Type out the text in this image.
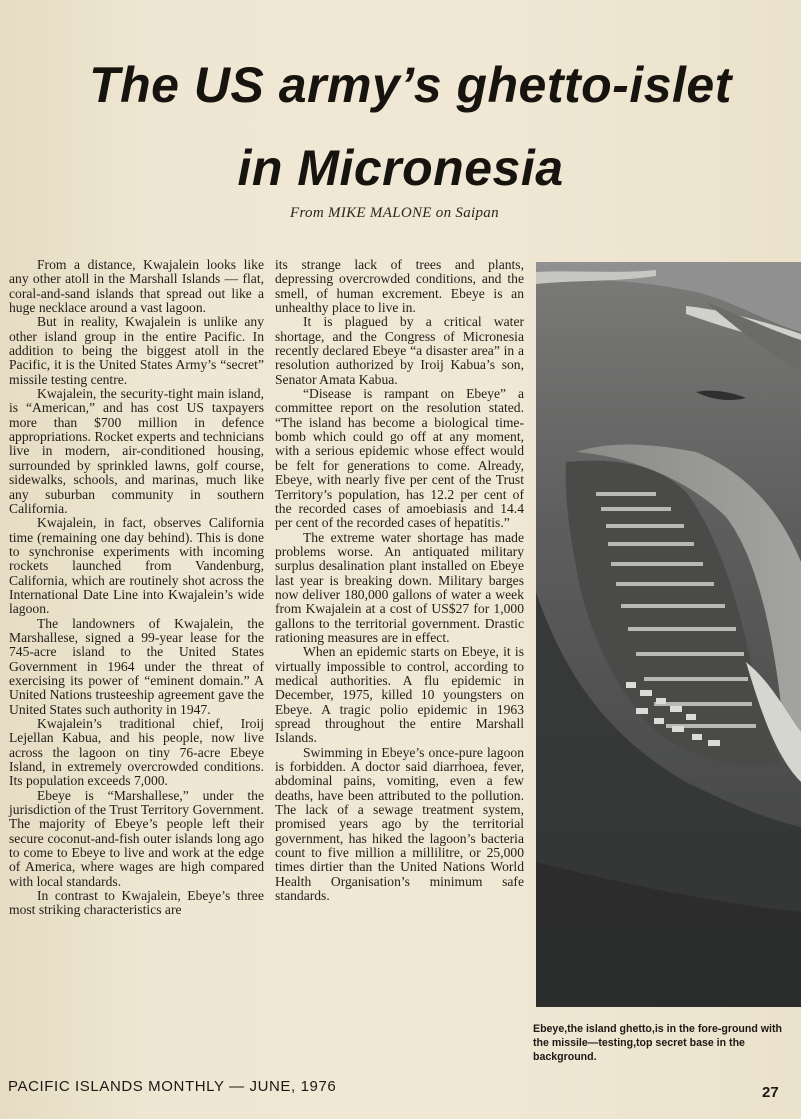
The US army’s ghetto-islet
in Micronesia
From MIKE MALONE on Saipan

From a distance, Kwajalein looks like any other atoll in the Marshall Islands — flat, coral-and-sand islands that spread out like a huge necklace around a vast lagoon.

But in reality, Kwajalein is unlike any other island group in the entire Pacific. In addition to being the biggest atoll in the Pacific, it is the United States Army’s “secret” missile testing centre.

Kwajalein, the security-tight main island, is “American,” and has cost US taxpayers more than $700 million in defence appropriations. Rocket experts and technicians live in modern, air-conditioned housing, surrounded by sprinkled lawns, golf course, sidewalks, schools, and marinas, much like any suburban community in southern California.

Kwajalein, in fact, observes California time (remaining one day behind). This is done to synchronise experiments with incoming rockets launched from Vandenburg, California, which are routinely shot across the International Date Line into Kwajalein’s wide lagoon.

The landowners of Kwajalein, the Marshallese, signed a 99-year lease for the 745-acre island to the United States Government in 1964 under the threat of exercising its power of “eminent domain.” A United Nations trusteeship agreement gave the United States such authority in 1947.

Kwajalein’s traditional chief, Iroij Lejellan Kabua, and his people, now live across the lagoon on tiny 76-acre Ebeye Island, in extremely overcrowded conditions. Its population exceeds 7,000.

Ebeye is “Marshallese,” under the jurisdiction of the Trust Territory Government. The majority of Ebeye’s people left their secure coconut-and-fish outer islands long ago to come to Ebeye to live and work at the edge of America, where wages are high compared with local standards.

In contrast to Kwajalein, Ebeye’s three most striking characteristics are

its strange lack of trees and plants, depressing overcrowded conditions, and the smell, of human excrement. Ebeye is an unhealthy place to live in.

It is plagued by a critical water shortage, and the Congress of Micronesia recently declared Ebeye “a disaster area” in a resolution authorized by Iroij Kabua’s son, Senator Amata Kabua.

“Disease is rampant on Ebeye” a committee report on the resolution stated. “The island has become a biological time-bomb which could go off at any moment, with a serious epidemic whose effect would be felt for generations to come. Already, Ebeye, with nearly five per cent of the Trust Territory’s population, has 12.2 per cent of the recorded cases of amoebiasis and 14.4 per cent of the recorded cases of hepatitis.”

The extreme water shortage has made problems worse. An antiquated military surplus desalination plant installed on Ebeye last year is breaking down. Military barges now deliver 180,000 gallons of water a week from Kwajalein at a cost of US$27 for 1,000 gallons to the territorial government. Drastic rationing measures are in effect.

When an epidemic starts on Ebeye, it is virtually impossible to control, according to medical authorities. A flu epidemic in December, 1975, killed 10 youngsters on Ebeye. A tragic polio epidemic in 1963 spread throughout the entire Marshall Islands.

Swimming in Ebeye’s once-pure lagoon is forbidden. A doctor said diarrhoea, fever, abdominal pains, vomiting, even a few deaths, have been attributed to the pollution. The lack of a sewage treatment system, promised years ago by the territorial government, has hiked the lagoon’s bacteria count to five million a millilitre, or 25,000 times dirtier than the United Nations World Health Organisation’s minimum safe standards.

Ebeye,the island ghetto,is in the fore-ground with the missile—testing,top secret base in the background.
PACIFIC ISLANDS MONTHLY — JUNE, 1976	27
